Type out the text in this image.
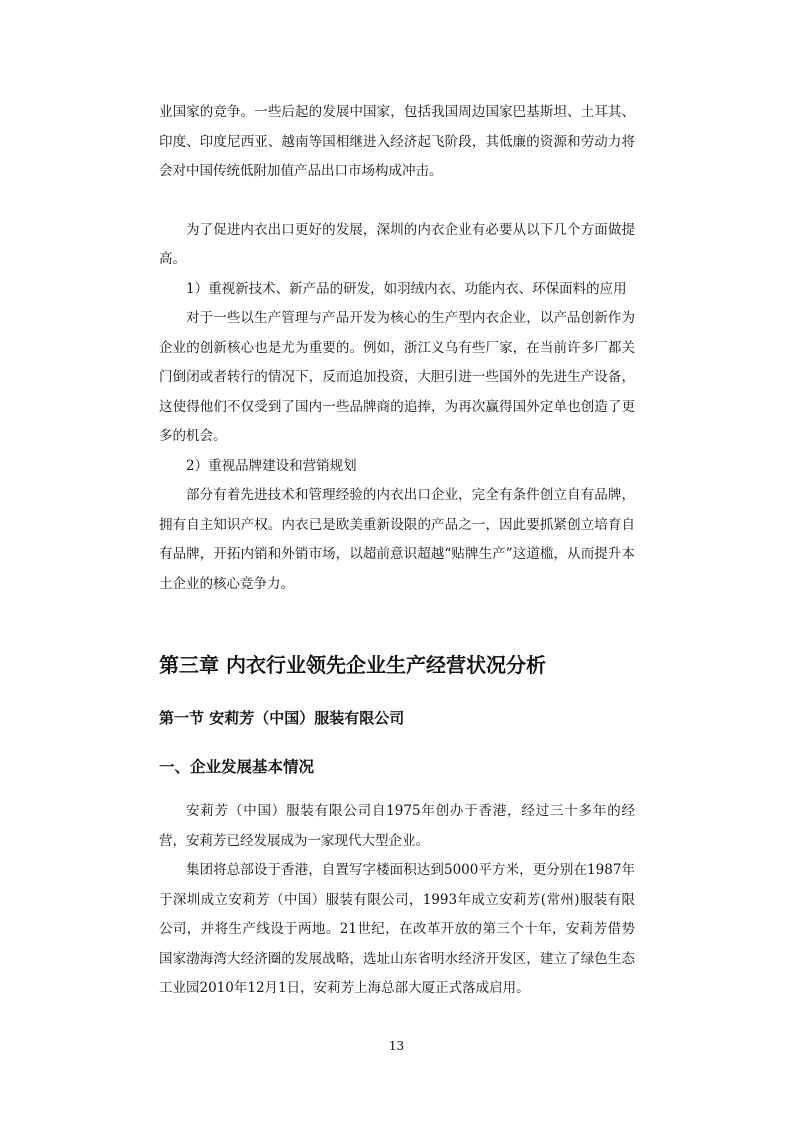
业国家的竞争。一些后起的发展中国家，包括我国周边国家巴基斯坦、土耳其、印度、印度尼西亚、越南等国相继进入经济起飞阶段，其低廉的资源和劳动力将会对中国传统低附加值产品出口市场构成冲击。

为了促进内衣出口更好的发展，深圳的内衣企业有必要从以下几个方面做提高。

1）重视新技术、新产品的研发，如羽绒内衣、功能内衣、环保面料的应用

对于一些以生产管理与产品开发为核心的生产型内衣企业，以产品创新作为企业的创新核心也是尤为重要的。例如，浙江义乌有些厂家，在当前许多厂都关门倒闭或者转行的情况下，反而追加投资，大胆引进一些国外的先进生产设备，这使得他们不仅受到了国内一些品牌商的追捧，为再次赢得国外定单也创造了更多的机会。

2）重视品牌建设和营销规划

部分有着先进技术和管理经验的内衣出口企业，完全有条件创立自有品牌，拥有自主知识产权。内衣已是欧美重新设限的产品之一，因此要抓紧创立培育自有品牌，开拓内销和外销市场，以超前意识超越“贴牌生产”这道槛，从而提升本土企业的核心竞争力。

第三章 内衣行业领先企业生产经营状况分析
第一节 安莉芳（中国）服装有限公司
一、企业发展基本情况

安莉芳（中国）服装有限公司自1975年创办于香港，经过三十多年的经营，安莉芳已经发展成为一家现代大型企业。

集团将总部设于香港，自置写字楼面积达到5000平方米，更分别在1987年于深圳成立安莉芳（中国）服装有限公司，1993年成立安莉芳(常州)服装有限公司，并将生产线设于两地。21世纪，在改革开放的第三个十年，安莉芳借势国家渤海湾大经济圈的发展战略，选址山东省明水经济开发区，建立了绿色生态工业园2010年12月1日，安莉芳上海总部大厦正式落成启用。

13
